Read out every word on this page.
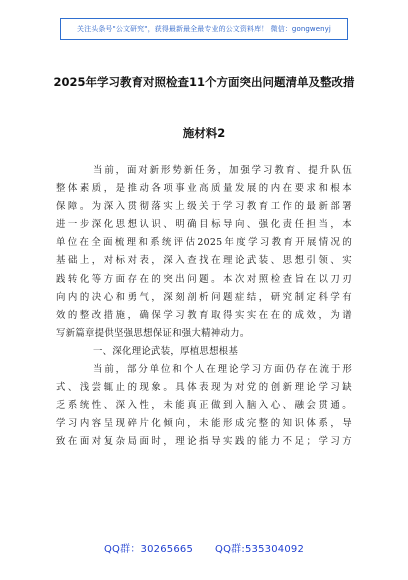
关注头条号"公文研究"，获得最新最全最专业的公文资料库！ 微信：gongwenyj
2025年学习教育对照检查11个方面突出问题清单及整改措
施材料2
当前，面对新形势新任务，加强学习教育、提升队伍
整体素质，是推动各项事业高质量发展的内在要求和根本
保障。为深入贯彻落实上级关于学习教育工作的最新部署
进一步深化思想认识、明确目标导向、强化责任担当，本
单位在全面梳理和系统评估2025年度学习教育开展情况的
基础上，对标对表，深入查找在理论武装、思想引领、实
践转化等方面存在的突出问题。本次对照检查旨在以刀刃
向内的决心和勇气，深刻剖析问题症结，研究制定科学有
效的整改措施，确保学习教育取得实实在在的成效，为谱
写新篇章提供坚强思想保证和强大精神动力。
一、深化理论武装，厚植思想根基
当前，部分单位和个人在理论学习方面仍存在流于形
式、浅尝辄止的现象。具体表现为对党的创新理论学习缺
乏系统性、深入性，未能真正做到入脑入心、融会贯通。
学习内容呈现碎片化倾向，未能形成完整的知识体系，导
致在面对复杂局面时，理论指导实践的能力不足；学习方
QQ群：30265665 QQ群:535304092
